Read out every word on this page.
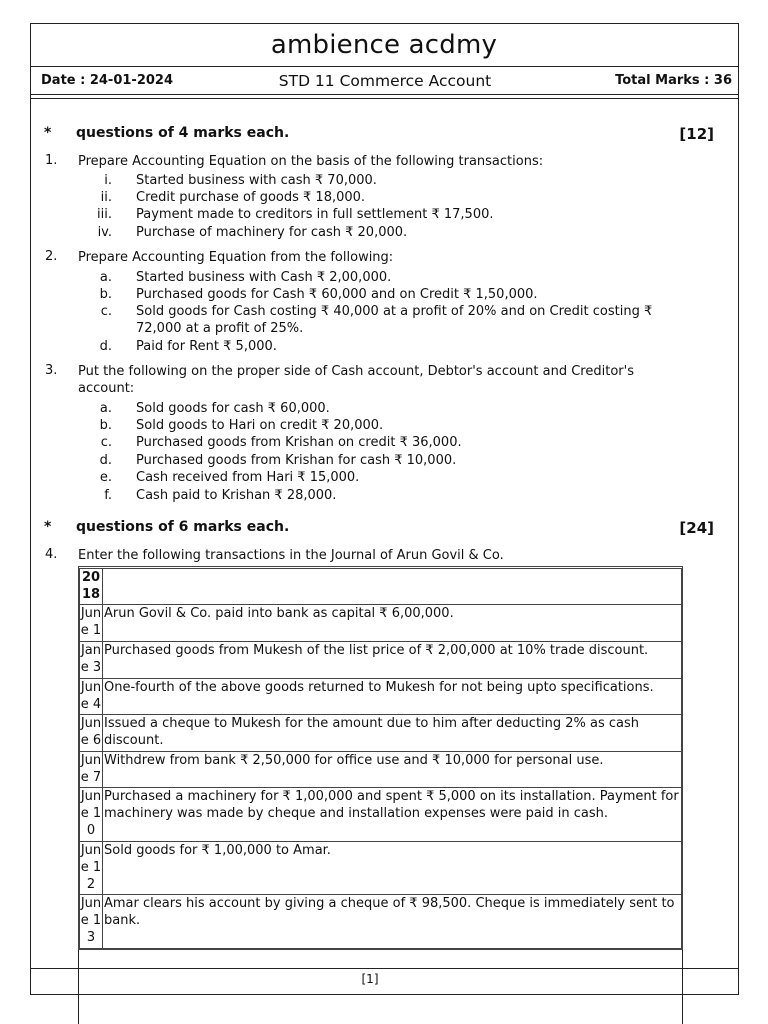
ambience acdmy
Date : 24-01-2024	STD 11 Commerce Account	Total Marks : 36
* questions of 4 marks each.	[12]
1. Prepare Accounting Equation on the basis of the following transactions:
i. Started business with cash ₹ 70,000.
ii. Credit purchase of goods ₹ 18,000.
iii. Payment made to creditors in full settlement ₹ 17,500.
iv. Purchase of machinery for cash ₹ 20,000.
2. Prepare Accounting Equation from the following:
a. Started business with Cash ₹ 2,00,000.
b. Purchased goods for Cash ₹ 60,000 and on Credit ₹ 1,50,000.
c. Sold goods for Cash costing ₹ 40,000 at a profit of 20% and on Credit costing ₹ 72,000 at a profit of 25%.
d. Paid for Rent ₹ 5,000.
3. Put the following on the proper side of Cash account, Debtor's account and Creditor's account:
a. Sold goods for cash ₹ 60,000.
b. Sold goods to Hari on credit ₹ 20,000.
c. Purchased goods from Krishan on credit ₹ 36,000.
d. Purchased goods from Krishan for cash ₹ 10,000.
e. Cash received from Hari ₹ 15,000.
f. Cash paid to Krishan ₹ 28,000.
* questions of 6 marks each.	[24]
4. Enter the following transactions in the Journal of Arun Govil & Co.
2018	
June 1	Arun Govil & Co. paid into bank as capital ₹ 6,00,000.
Jane 3	Purchased goods from Mukesh of the list price of ₹ 2,00,000 at 10% trade discount.
June 4	One-fourth of the above goods returned to Mukesh for not being upto specifications.
June 6	Issued a cheque to Mukesh for the amount due to him after deducting 2% as cash discount.
June 7	Withdrew from bank ₹ 2,50,000 for office use and ₹ 10,000 for personal use.
June 10	Purchased a machinery for ₹ 1,00,000 and spent ₹ 5,000 on its installation. Payment for machinery was made by cheque and installation expenses were paid in cash.
June 12	Sold goods for ₹ 1,00,000 to Amar.
June 13	Amar clears his account by giving a cheque of ₹ 98,500. Cheque is immediately sent to bank.
[1]
